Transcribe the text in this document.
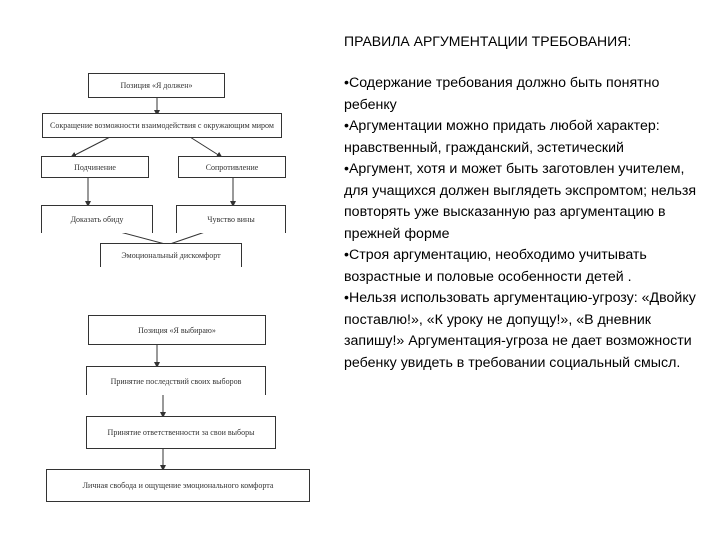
Позиция «Я должен»
Сокращение возможности взаимодействия с окружающим миром
Подчинение	Сопротивление
Доказать обиду	Чувство вины
Эмоциональный дискомфорт
Позиция «Я выбираю»
Принятие последствий своих выборов
Принятие ответственности за свои выборы
Личная свобода и ощущение эмоционального комфорта
ПРАВИЛА АРГУМЕНТАЦИИ ТРЕБОВАНИЯ:

•Содержание требования должно быть понятно ребенку

•Аргументации можно придать любой характер: нравственный, гражданский, эстетический

•Аргумент, хотя и может быть заготовлен учителем, для учащихся должен выглядеть экспромтом; нельзя повторять уже высказанную раз аргументацию в прежней форме

•Строя аргументацию, необходимо учитывать возрастные и половые особенности детей .

•Нельзя использовать аргументацию-угрозу: «Двойку поставлю!», «К уроку не допущу!», «В дневник запишу!» Аргументация-угроза не дает возможности ребенку увидеть в требовании социальный смысл.
